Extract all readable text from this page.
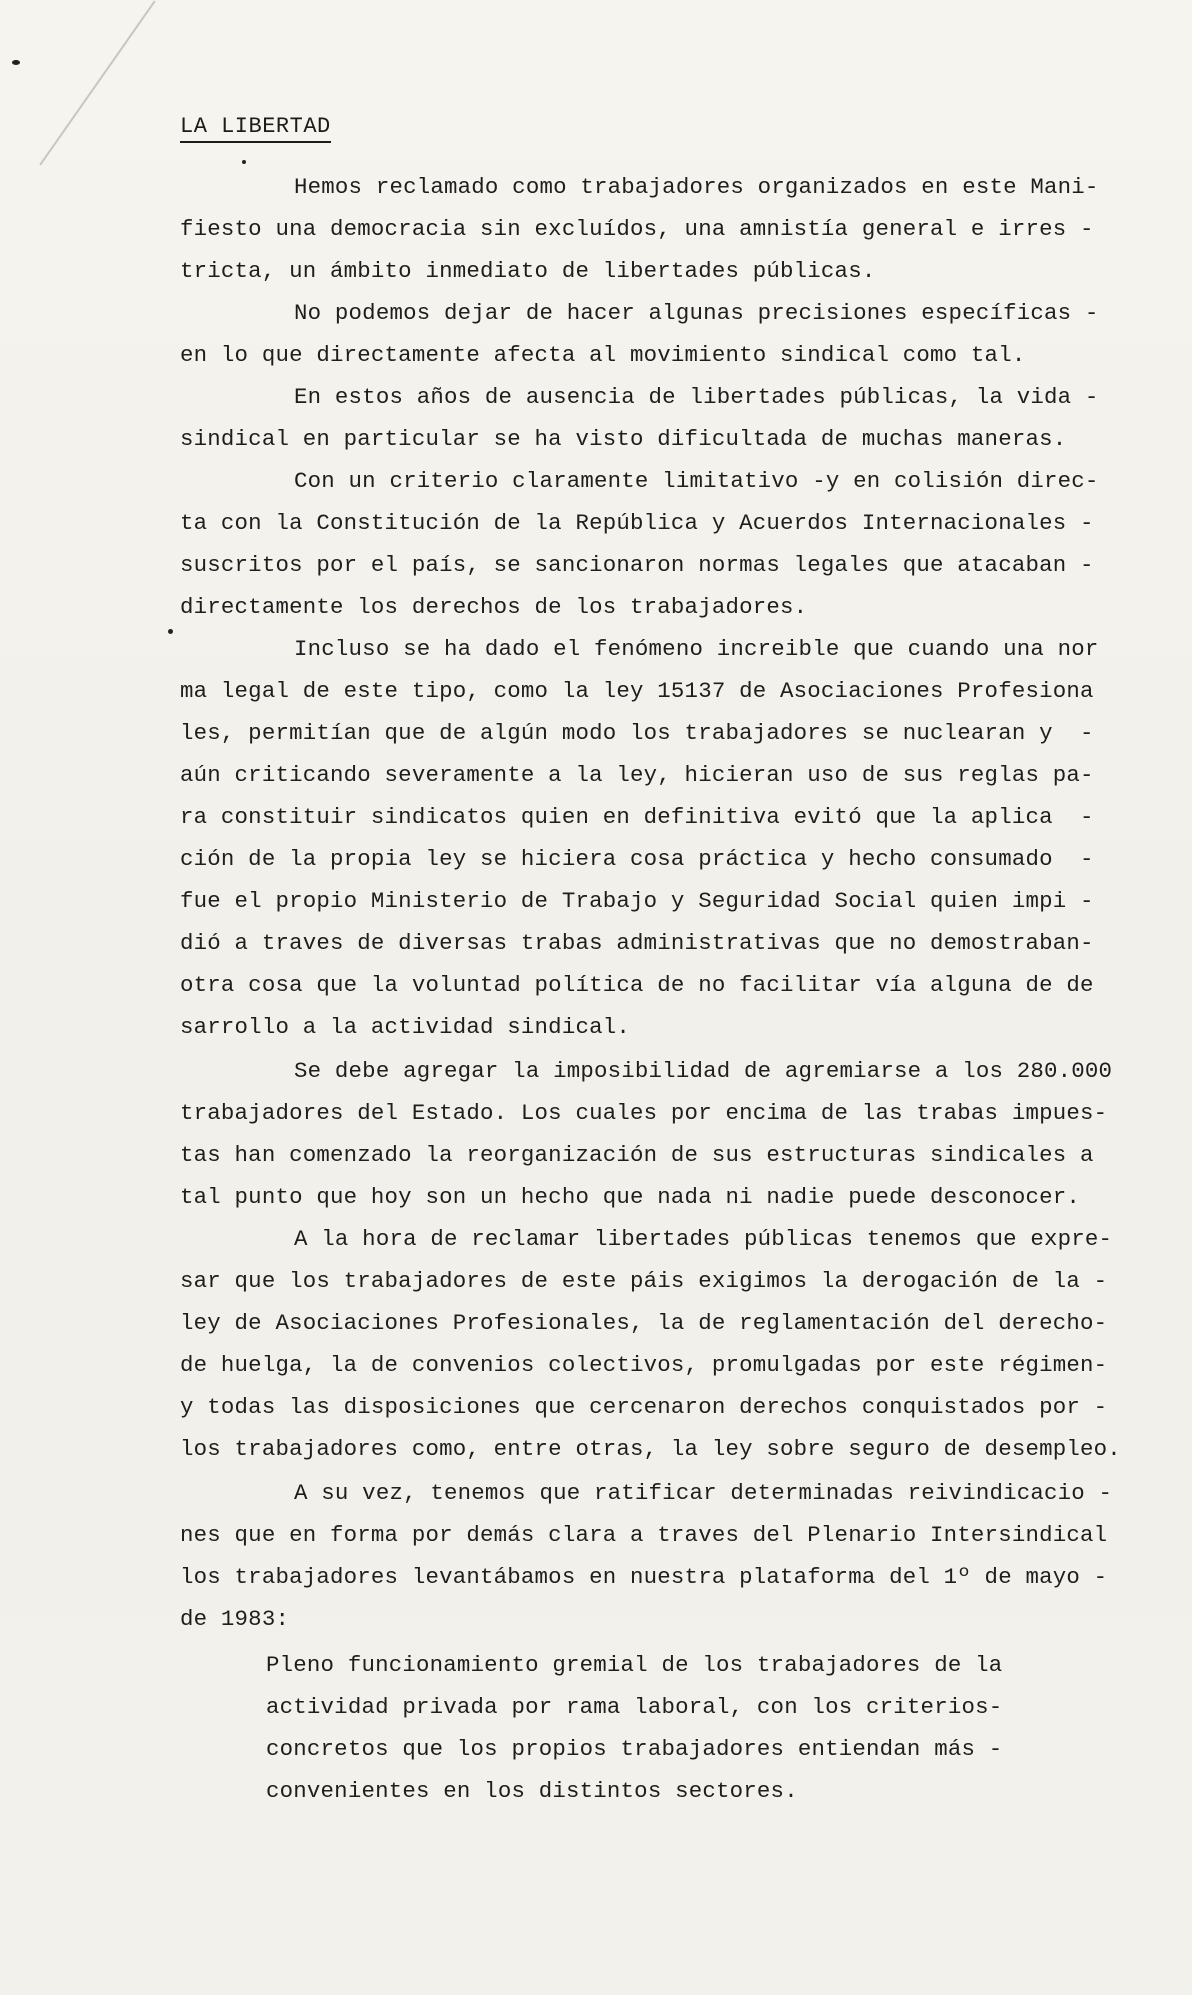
LA LIBERTAD
Hemos reclamado como trabajadores organizados en este Mani-
fiesto una democracia sin excluídos, una amnistía general e irres -
tricta, un ámbito inmediato de libertades públicas.
No podemos dejar de hacer algunas precisiones específicas -
en lo que directamente afecta al movimiento sindical como tal.
En estos años de ausencia de libertades públicas, la vida -
sindical en particular se ha visto dificultada de muchas maneras.
Con un criterio claramente limitativo -y en colisión direc-
ta con la Constitución de la República y Acuerdos Internacionales -
suscritos por el país, se sancionaron normas legales que atacaban -
directamente los derechos de los trabajadores.
Incluso se ha dado el fenómeno increible que cuando una nor
ma legal de este tipo, como la ley 15137 de Asociaciones Profesiona
les, permitían que de algún modo los trabajadores se nuclearan y  -
aún criticando severamente a la ley, hicieran uso de sus reglas pa-
ra constituir sindicatos quien en definitiva evitó que la aplica  -
ción de la propia ley se hiciera cosa práctica y hecho consumado  -
fue el propio Ministerio de Trabajo y Seguridad Social quien impi -
dió a traves de diversas trabas administrativas que no demostraban-
otra cosa que la voluntad política de no facilitar vía alguna de de
sarrollo a la actividad sindical.
Se debe agregar la imposibilidad de agremiarse a los 280.000
trabajadores del Estado. Los cuales por encima de las trabas impues-
tas han comenzado la reorganización de sus estructuras sindicales a
tal punto que hoy son un hecho que nada ni nadie puede desconocer.
A la hora de reclamar libertades públicas tenemos que expre-
sar que los trabajadores de este páis exigimos la derogación de la -
ley de Asociaciones Profesionales, la de reglamentación del derecho-
de huelga, la de convenios colectivos, promulgadas por este régimen-
y todas las disposiciones que cercenaron derechos conquistados por -
los trabajadores como, entre otras, la ley sobre seguro de desempleo.
A su vez, tenemos que ratificar determinadas reivindicacio -
nes que en forma por demás clara a traves del Plenario Intersindical
los trabajadores levantábamos en nuestra plataforma del 1º de mayo -
de 1983:
Pleno funcionamiento gremial de los trabajadores de la
actividad privada por rama laboral, con los criterios-
concretos que los propios trabajadores entiendan más -
convenientes en los distintos sectores.
